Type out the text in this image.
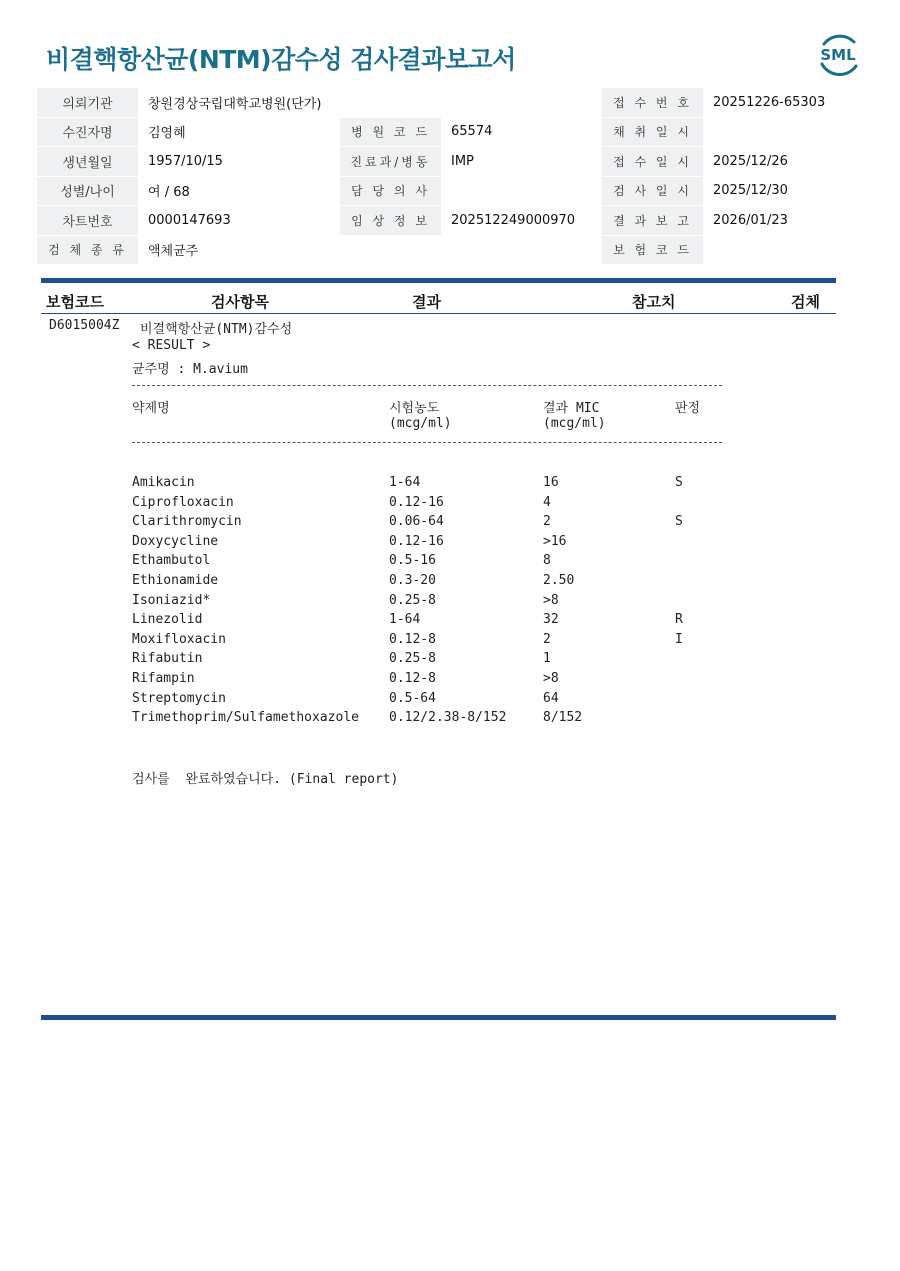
비결핵항산균(NTM)감수성 검사결과보고서	SML
의뢰기관	창원경상국립대학교병원(단가)			접 수 번 호	20251226-65303
수진자명	김영혜	병 원 코 드	65574	채 취 일 시	
생년월일	1957/10/15	진료과/병동	IMP	접 수 일 시	2025/12/26
성별/나이	여 / 68	담 당 의 사		검 사 일 시	2025/12/30
차트번호	0000147693	임 상 정 보	202512249000970	결 과 보 고	2026/01/23
검 체 종 류	액체균주			보 험 코 드	
보험코드	검사항목	결과	참고치	검체
D6015004Z 비결핵항산균(NTM)감수성
< RESULT >
균주명 : M.avium
약제명	시험농도
(mcg/ml)
결과 MIC
(mcg/ml)
판정
Amikacin	1-64	16	S
Ciprofloxacin	0.12-16	4
Clarithromycin	0.06-64	2	S
Doxycycline	0.12-16	>16
Ethambutol	0.5-16	8
Ethionamide	0.3-20	2.50
Isoniazid*	0.25-8	>8
Linezolid	1-64	32	R
Moxifloxacin	0.12-8	2	I
Rifabutin	0.25-8	1
Rifampin	0.12-8	>8
Streptomycin	0.5-64	64
Trimethoprim/Sulfamethoxazole 0.12/2.38-8/152	8/152
검사를  완료하였습니다. (Final report)
